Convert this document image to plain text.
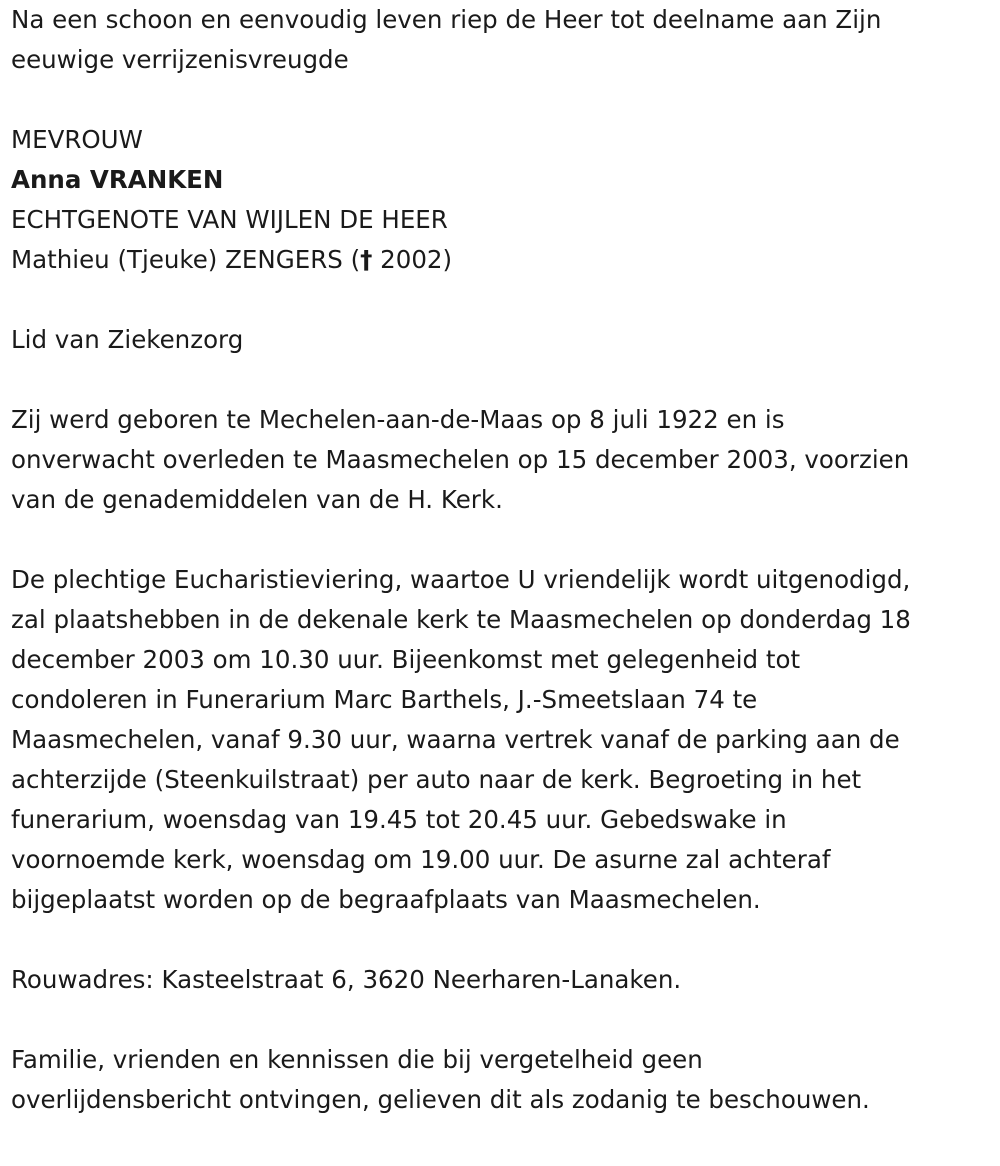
Na een schoon en eenvoudig leven riep de Heer tot deelname aan Zijn
eeuwige verrijzenisvreugde

MEVROUW
Anna VRANKEN
ECHTGENOTE VAN WIJLEN DE HEER
Mathieu (Tjeuke) ZENGERS († 2002)

Lid van Ziekenzorg

Zij werd geboren te Mechelen-aan-de-Maas op 8 juli 1922 en is
onverwacht overleden te Maasmechelen op 15 december 2003, voorzien
van de genademiddelen van de H. Kerk.

De plechtige Eucharistieviering, waartoe U vriendelijk wordt uitgenodigd,
zal plaatshebben in de dekenale kerk te Maasmechelen op donderdag 18
december 2003 om 10.30 uur. Bijeenkomst met gelegenheid tot
condoleren in Funerarium Marc Barthels, J.-Smeetslaan 74 te
Maasmechelen, vanaf 9.30 uur, waarna vertrek vanaf de parking aan de
achterzijde (Steenkuilstraat) per auto naar de kerk. Begroeting in het
funerarium, woensdag van 19.45 tot 20.45 uur. Gebedswake in
voornoemde kerk, woensdag om 19.00 uur. De asurne zal achteraf
bijgeplaatst worden op de begraafplaats van Maasmechelen.

Rouwadres: Kasteelstraat 6, 3620 Neerharen-Lanaken.

Familie, vrienden en kennissen die bij vergetelheid geen
overlijdensbericht ontvingen, gelieven dit als zodanig te beschouwen.
